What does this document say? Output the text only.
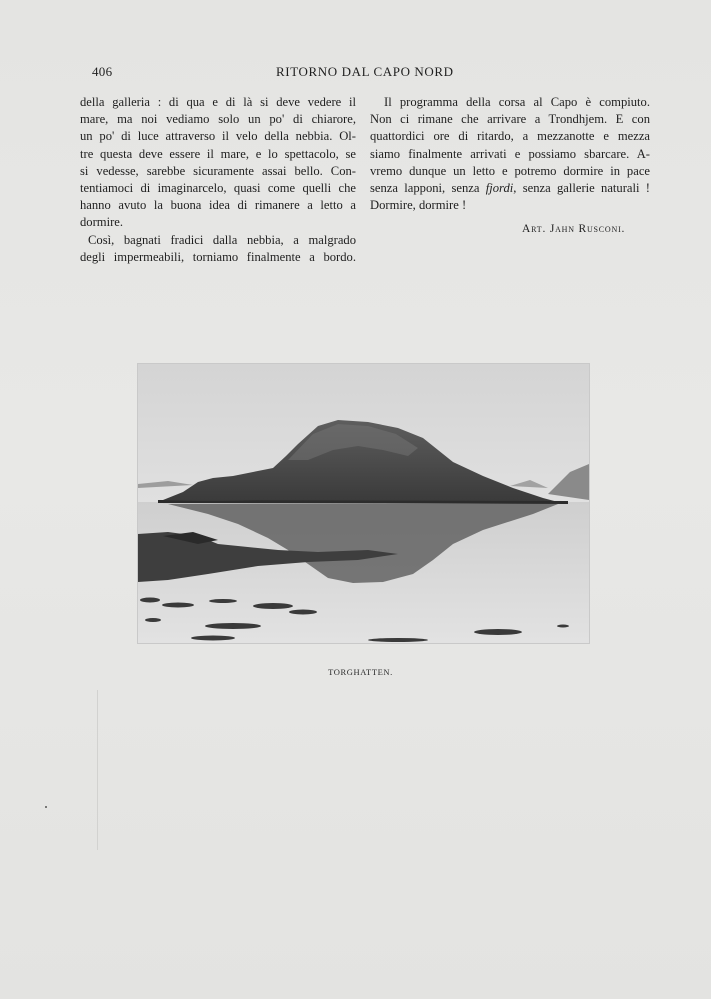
406	RITORNO DAL CAPO NORD
della galleria : di qua e di là si deve vedere il
mare, ma noi vediamo solo un po' di chiarore,
un po' di luce attraverso il velo della nebbia. Ol-
tre questa deve essere il mare, e lo spettacolo, se
si vedesse, sarebbe sicuramente assai bello. Con-
tentiamoci di imaginarcelo, quasi come quelli che
hanno avuto la buona idea di rimanere a letto a
dormire.
Così, bagnati fradici dalla nebbia, a malgrado
degli impermeabili, torniamo finalmente a bordo.
Il programma della corsa al Capo è compiuto.
Non ci rimane che arrivare a Trondhjem. E con
quattordici ore di ritardo, a mezzanotte e mezza
siamo finalmente arrivati e possiamo sbarcare. A-
vremo dunque un letto e potremo dormire in pace
senza lapponi, senza fjordi, senza gallerie naturali !
Dormire, dormire !
Art. Jahn Rusconi.
TORGHATTEN.
